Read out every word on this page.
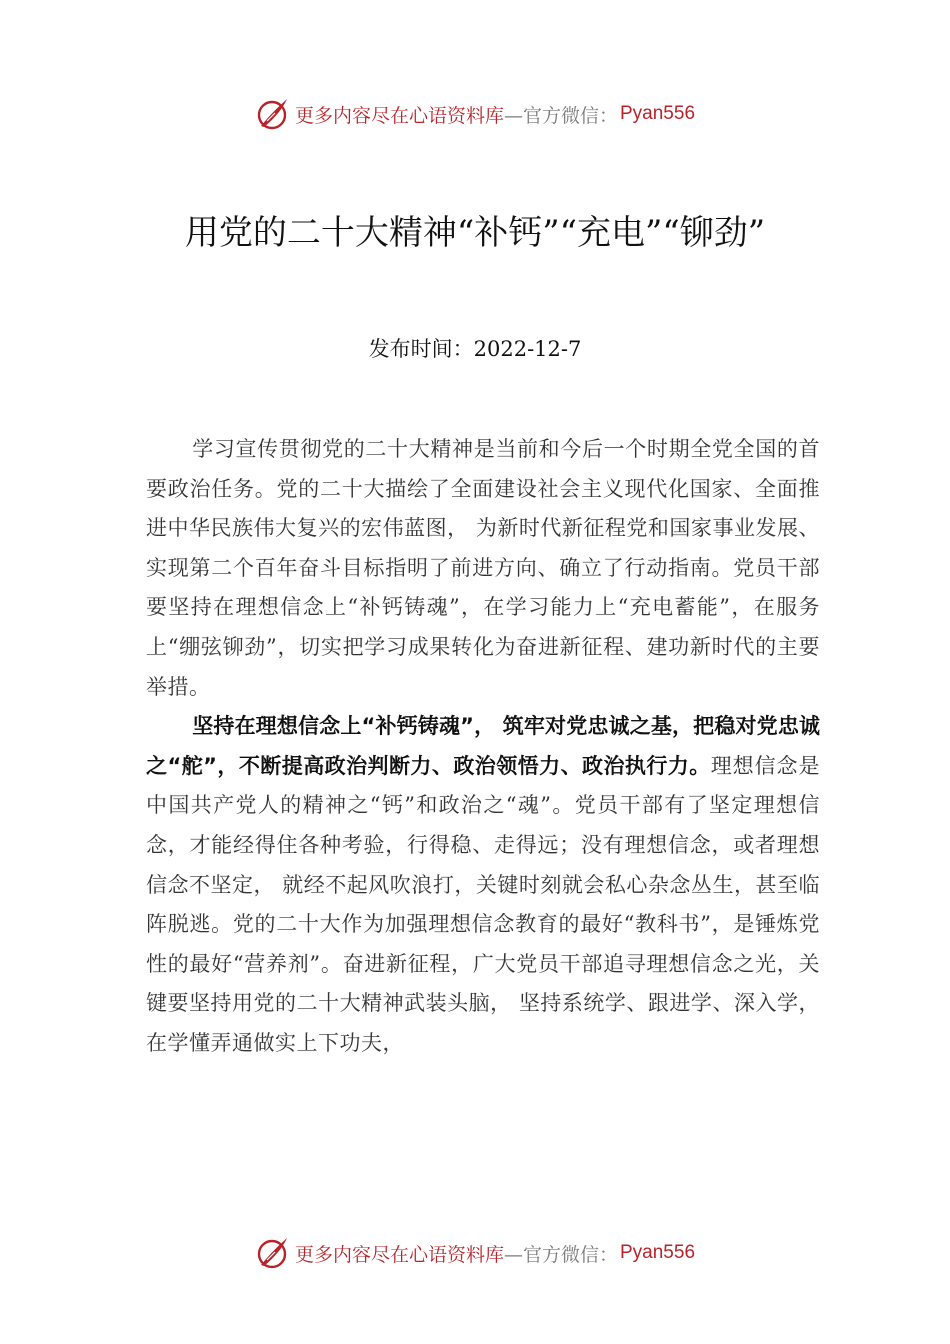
更多内容尽在心语资料库 —官方微信： Pyan556
用党的二十大精神“补钙”“充电”“铆劲”
发布时间：2022-12-7

学习宣传贯彻党的二十大精神是当前和今后一个时期全党全国的首要政治任务。党的二十大描绘了全面建设社会主义现代化国家、全面推进中华民族伟大复兴的宏伟蓝图， 为新时代新征程党和国家事业发展、实现第二个百年奋斗目标指明了前进方向、确立了行动指南。党员干部要坚持在理想信念上“补钙铸魂”，在学习能力上“充电蓄能”，在服务上“绷弦铆劲”，切实把学习成果转化为奋进新征程、建功新时代的主要举措。

坚持在理想信念上“补钙铸魂”， 筑牢对党忠诚之基，把稳对党忠诚之“舵”，不断提高政治判断力、政治领悟力、政治执行力。理想信念是中国共产党人的精神之“钙”和政治之“魂”。党员干部有了坚定理想信念，才能经得住各种考验，行得稳、走得远；没有理想信念，或者理想信念不坚定， 就经不起风吹浪打，关键时刻就会私心杂念丛生，甚至临阵脱逃。党的二十大作为加强理想信念教育的最好“教科书”，是锤炼党性的最好“营养剂”。奋进新征程，广大党员干部追寻理想信念之光，关键要坚持用党的二十大精神武装头脑， 坚持系统学、跟进学、深入学，在学懂弄通做实上下功夫，

更多内容尽在心语资料库 —官方微信： Pyan556
